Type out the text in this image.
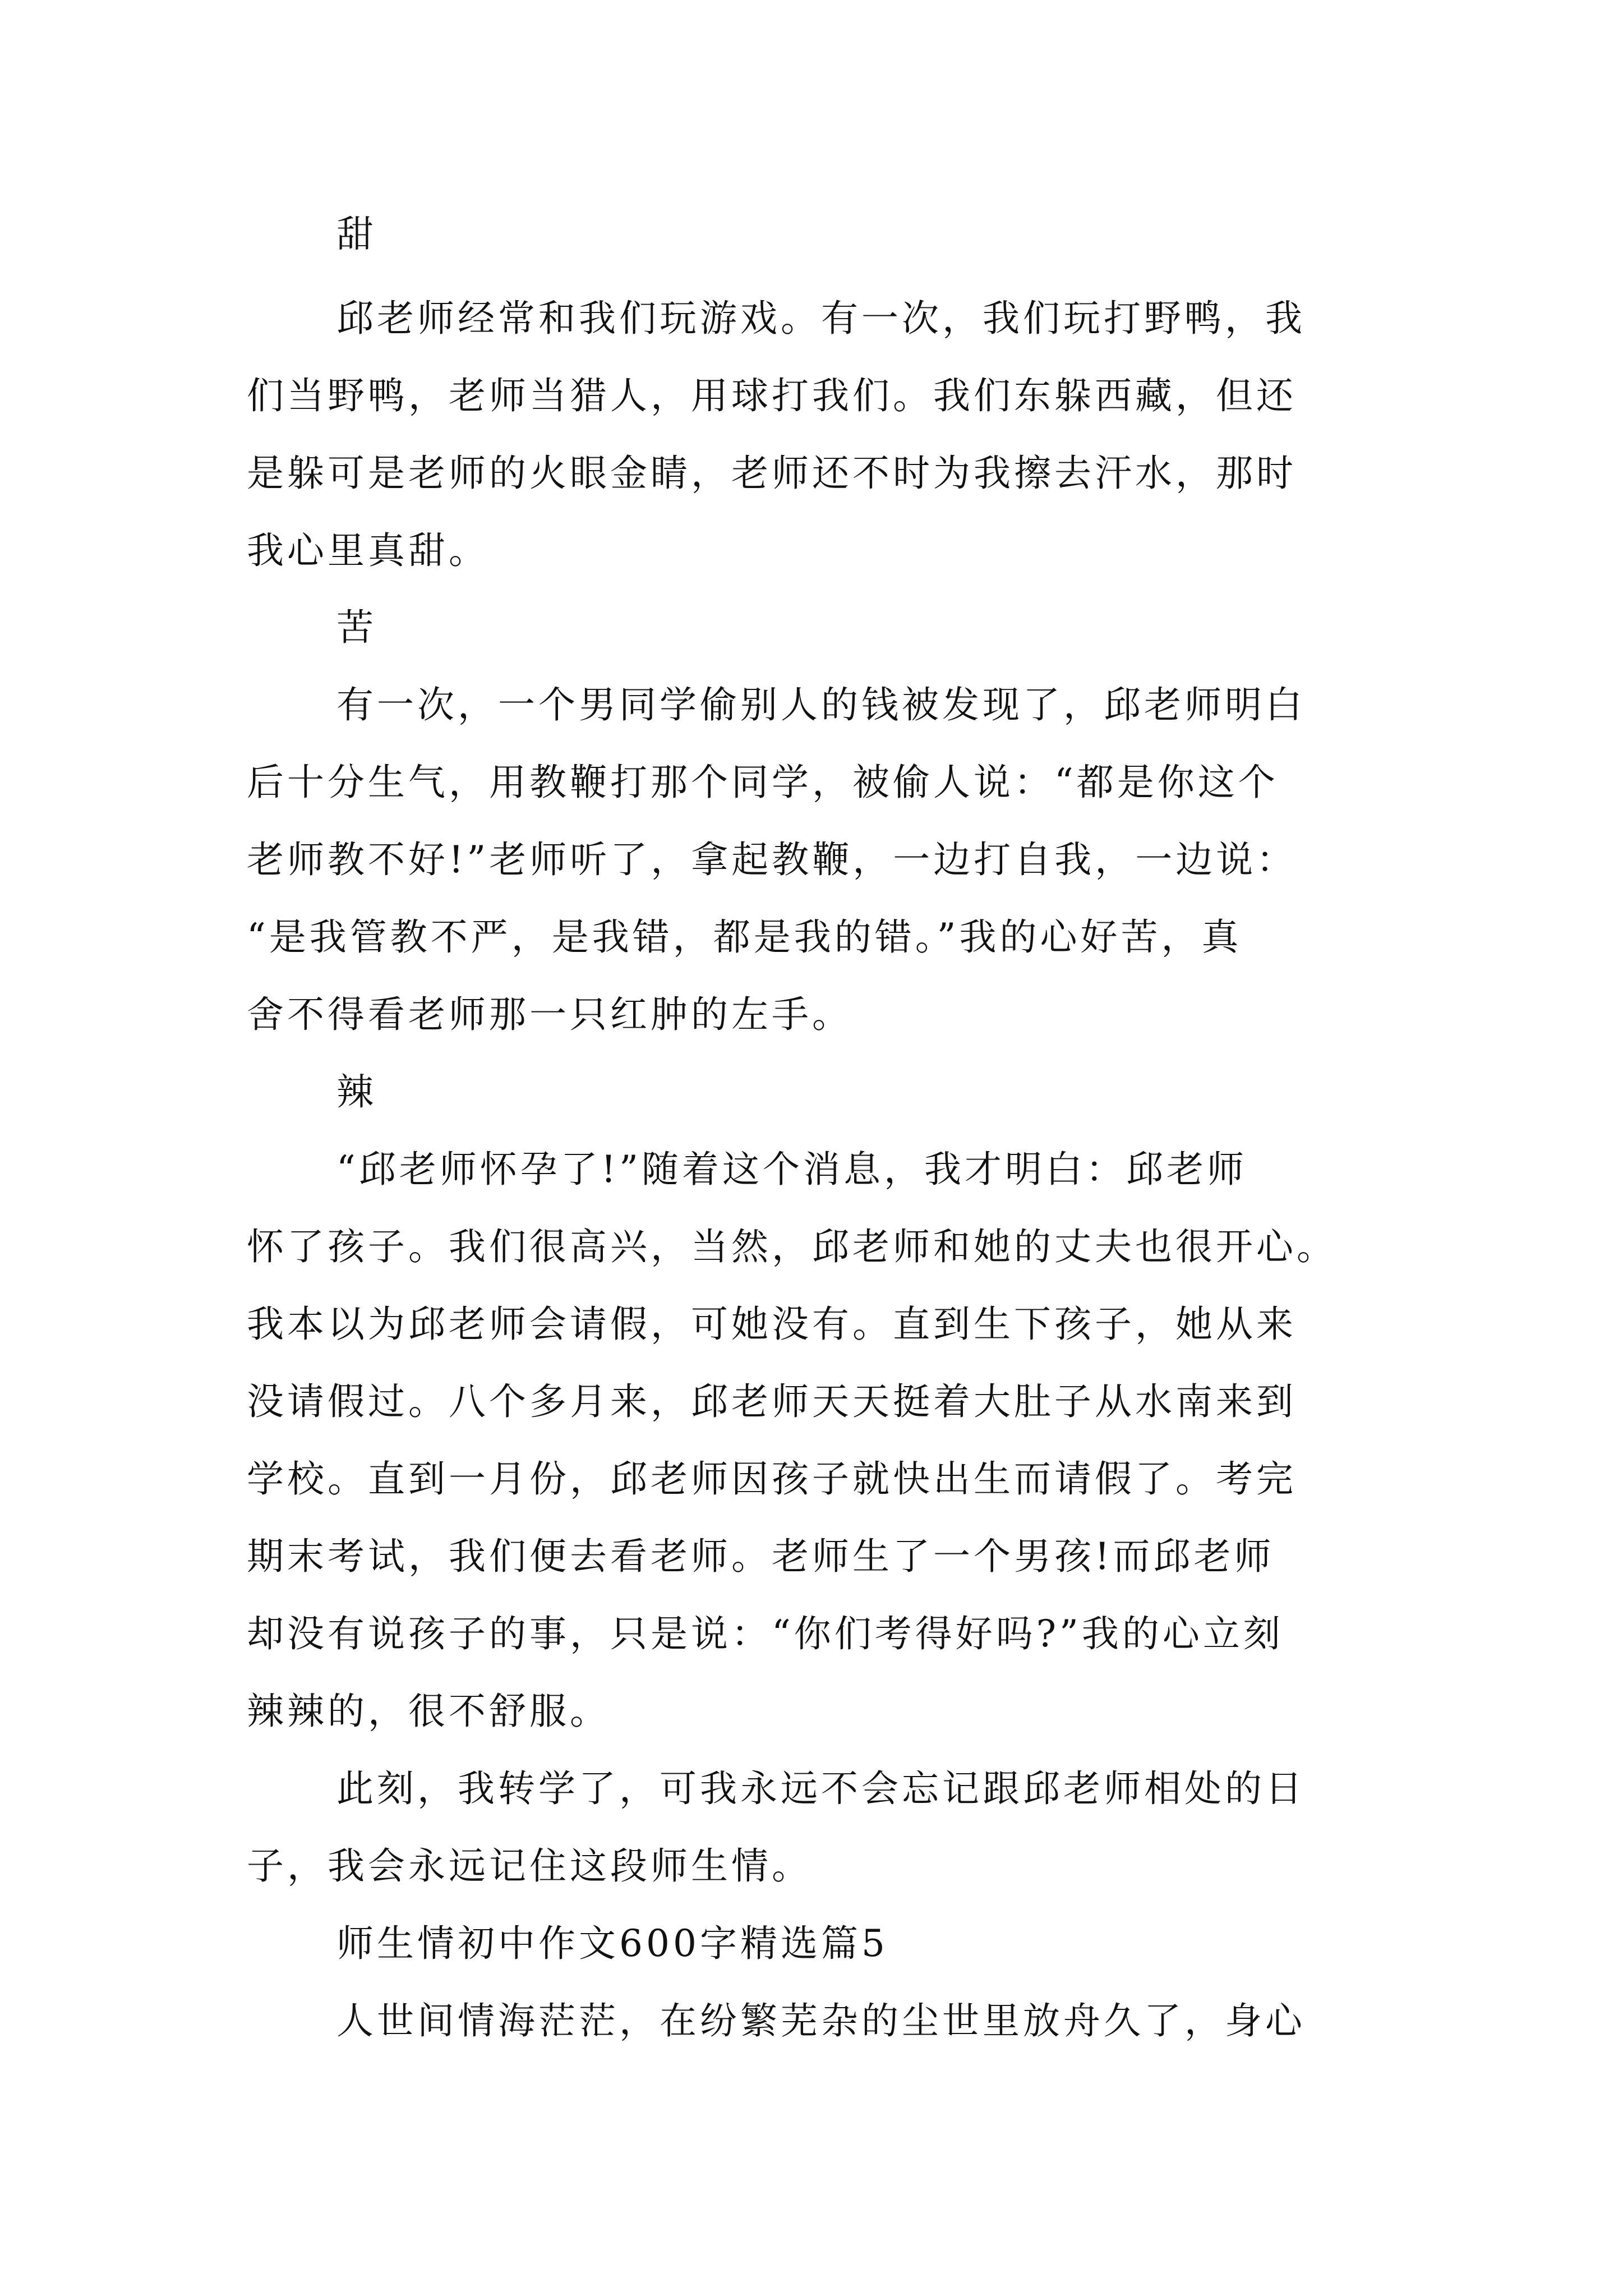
甜
邱老师经常和我们玩游戏。有一次，我们玩打野鸭，我
们当野鸭，老师当猎人，用球打我们。我们东躲西藏，但还
是躲可是老师的火眼金睛，老师还不时为我擦去汗水，那时
我心里真甜。
苦
有一次，一个男同学偷别人的钱被发现了，邱老师明白
后十分生气，用教鞭打那个同学，被偷人说：“都是你这个
老师教不好!”老师听了，拿起教鞭，一边打自我，一边说：
“是我管教不严，是我错，都是我的错。”我的心好苦，真
舍不得看老师那一只红肿的左手。
辣
“邱老师怀孕了!”随着这个消息，我才明白：邱老师
怀了孩子。我们很高兴，当然，邱老师和她的丈夫也很开心。
我本以为邱老师会请假，可她没有。直到生下孩子，她从来
没请假过。八个多月来，邱老师天天挺着大肚子从水南来到
学校。直到一月份，邱老师因孩子就快出生而请假了。考完
期末考试，我们便去看老师。老师生了一个男孩!而邱老师
却没有说孩子的事，只是说：“你们考得好吗?”我的心立刻
辣辣的，很不舒服。
此刻，我转学了，可我永远不会忘记跟邱老师相处的日
子，我会永远记住这段师生情。
师生情初中作文600字精选篇5
人世间情海茫茫，在纷繁芜杂的尘世里放舟久了，身心
